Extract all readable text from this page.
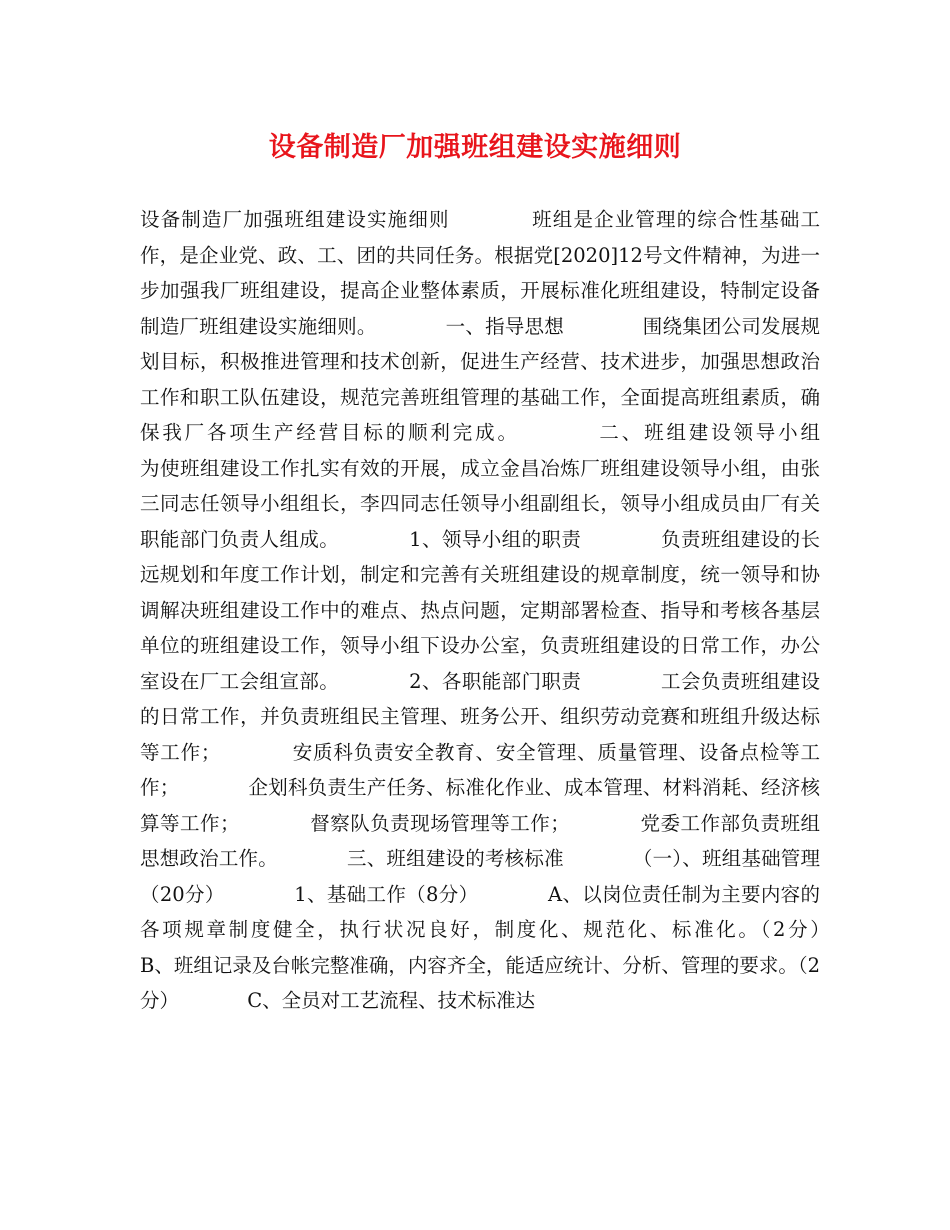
设备制造厂加强班组建设实施细则

设备制造厂加强班组建设实施细则　　　　班组是企业管理的综合性基础工作，是企业党、政、工、团的共同任务。根据党[2020]12号文件精神，为进一步加强我厂班组建设，提高企业整体素质，开展标准化班组建设，特制定设备制造厂班组建设实施细则。　　　　一、指导思想　　　　围绕集团公司发展规划目标，积极推进管理和技术创新，促进生产经营、技术进步，加强思想政治工作和职工队伍建设，规范完善班组管理的基础工作，全面提高班组素质，确保我厂各项生产经营目标的顺利完成。　　　　二、班组建设领导小组　　　　为使班组建设工作扎实有效的开展，成立金昌冶炼厂班组建设领导小组，由张三同志任领导小组组长，李四同志任领导小组副组长，领导小组成员由厂有关职能部门负责人组成。　　　　1、领导小组的职责　　　　负责班组建设的长远规划和年度工作计划，制定和完善有关班组建设的规章制度，统一领导和协调解决班组建设工作中的难点、热点问题，定期部署检查、指导和考核各基层单位的班组建设工作，领导小组下设办公室，负责班组建设的日常工作，办公室设在厂工会组宣部。　　　　2、各职能部门职责　　　　工会负责班组建设的日常工作，并负责班组民主管理、班务公开、组织劳动竞赛和班组升级达标等工作；　　　　安质科负责安全教育、安全管理、质量管理、设备点检等工作；　　　　企划科负责生产任务、标准化作业、成本管理、材料消耗、经济核算等工作；　　　　督察队负责现场管理等工作；　　　　党委工作部负责班组思想政治工作。　　　　三、班组建设的考核标准　　　　（一）、班组基础管理（20分）　　　　1、基础工作（8分）　　　　A、以岗位责任制为主要内容的各项规章制度健全，执行状况良好，制度化、规范化、标准化。（2分）　　　　B、班组记录及台帐完整准确，内容齐全，能适应统计、分析、管理的要求。（2分）　　　　C、全员对工艺流程、技术标准达
